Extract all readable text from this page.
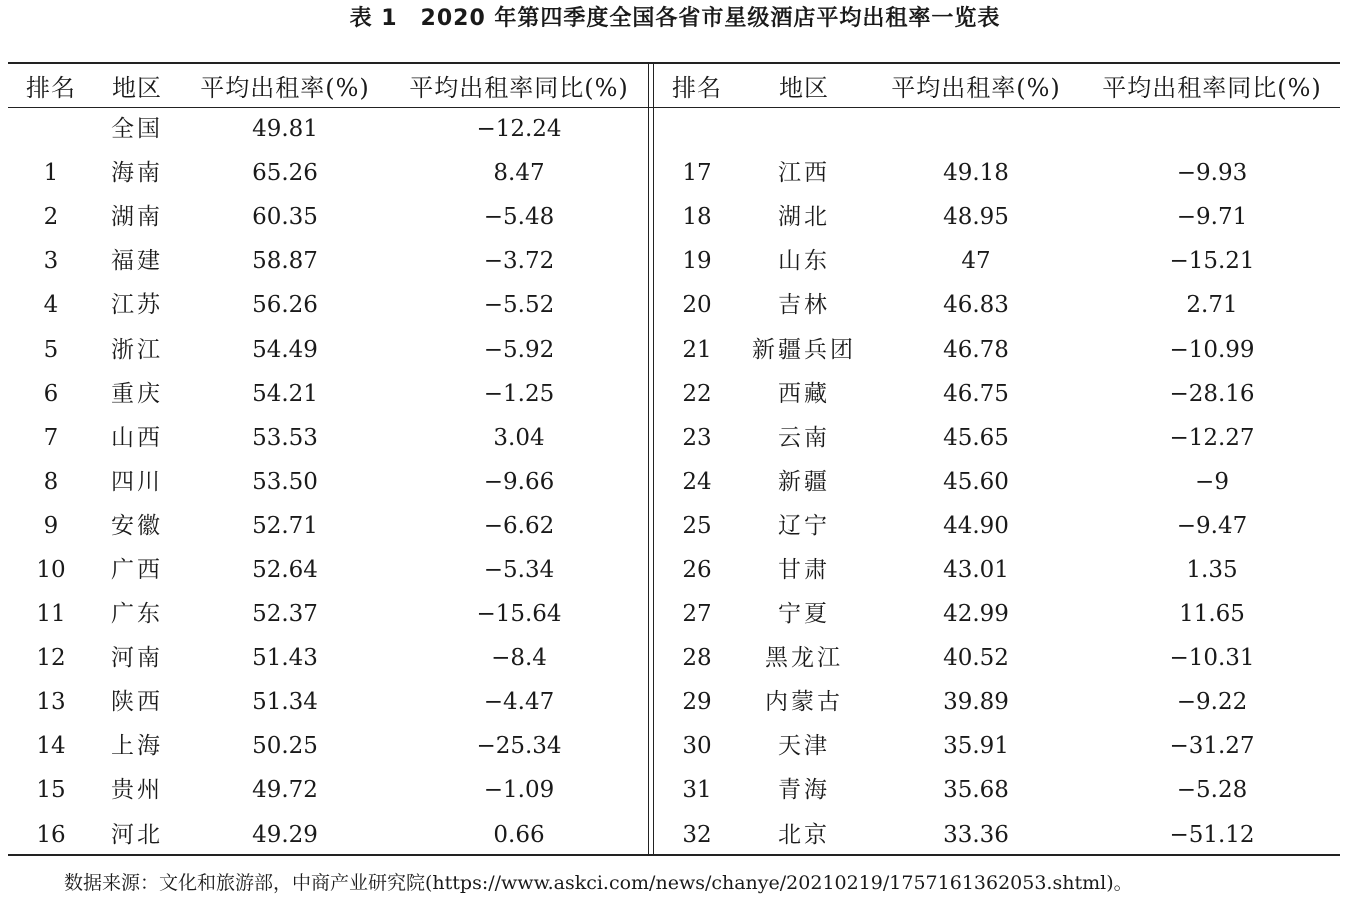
表 1　2020 年第四季度全国各省市星级酒店平均出租率一览表
排名	地区	平均出租率(%)	平均出租率同比(%)
	全国	49.81	−12.24
1	海南	65.26	8.47
2	湖南	60.35	−5.48
3	福建	58.87	−3.72
4	江苏	56.26	−5.52
5	浙江	54.49	−5.92
6	重庆	54.21	−1.25
7	山西	53.53	3.04
8	四川	53.50	−9.66
9	安徽	52.71	−6.62
10	广西	52.64	−5.34
11	广东	52.37	−15.64
12	河南	51.43	−8.4
13	陕西	51.34	−4.47
14	上海	50.25	−25.34
15	贵州	49.72	−1.09
16	河北	49.29	0.66
排名	地区	平均出租率(%)	平均出租率同比(%)

17	江西	49.18	−9.93
18	湖北	48.95	−9.71
19	山东	47	−15.21
20	吉林	46.83	2.71
21	新疆兵团	46.78	−10.99
22	西藏	46.75	−28.16
23	云南	45.65	−12.27
24	新疆	45.60	−9
25	辽宁	44.90	−9.47
26	甘肃	43.01	1.35
27	宁夏	42.99	11.65
28	黑龙江	40.52	−10.31
29	内蒙古	39.89	−9.22
30	天津	35.91	−31.27
31	青海	35.68	−5.28
32	北京	33.36	−51.12
数据来源：文化和旅游部，中商产业研究院(https://www.askci.com/news/chanye/20210219/1757161362053.shtml)。
